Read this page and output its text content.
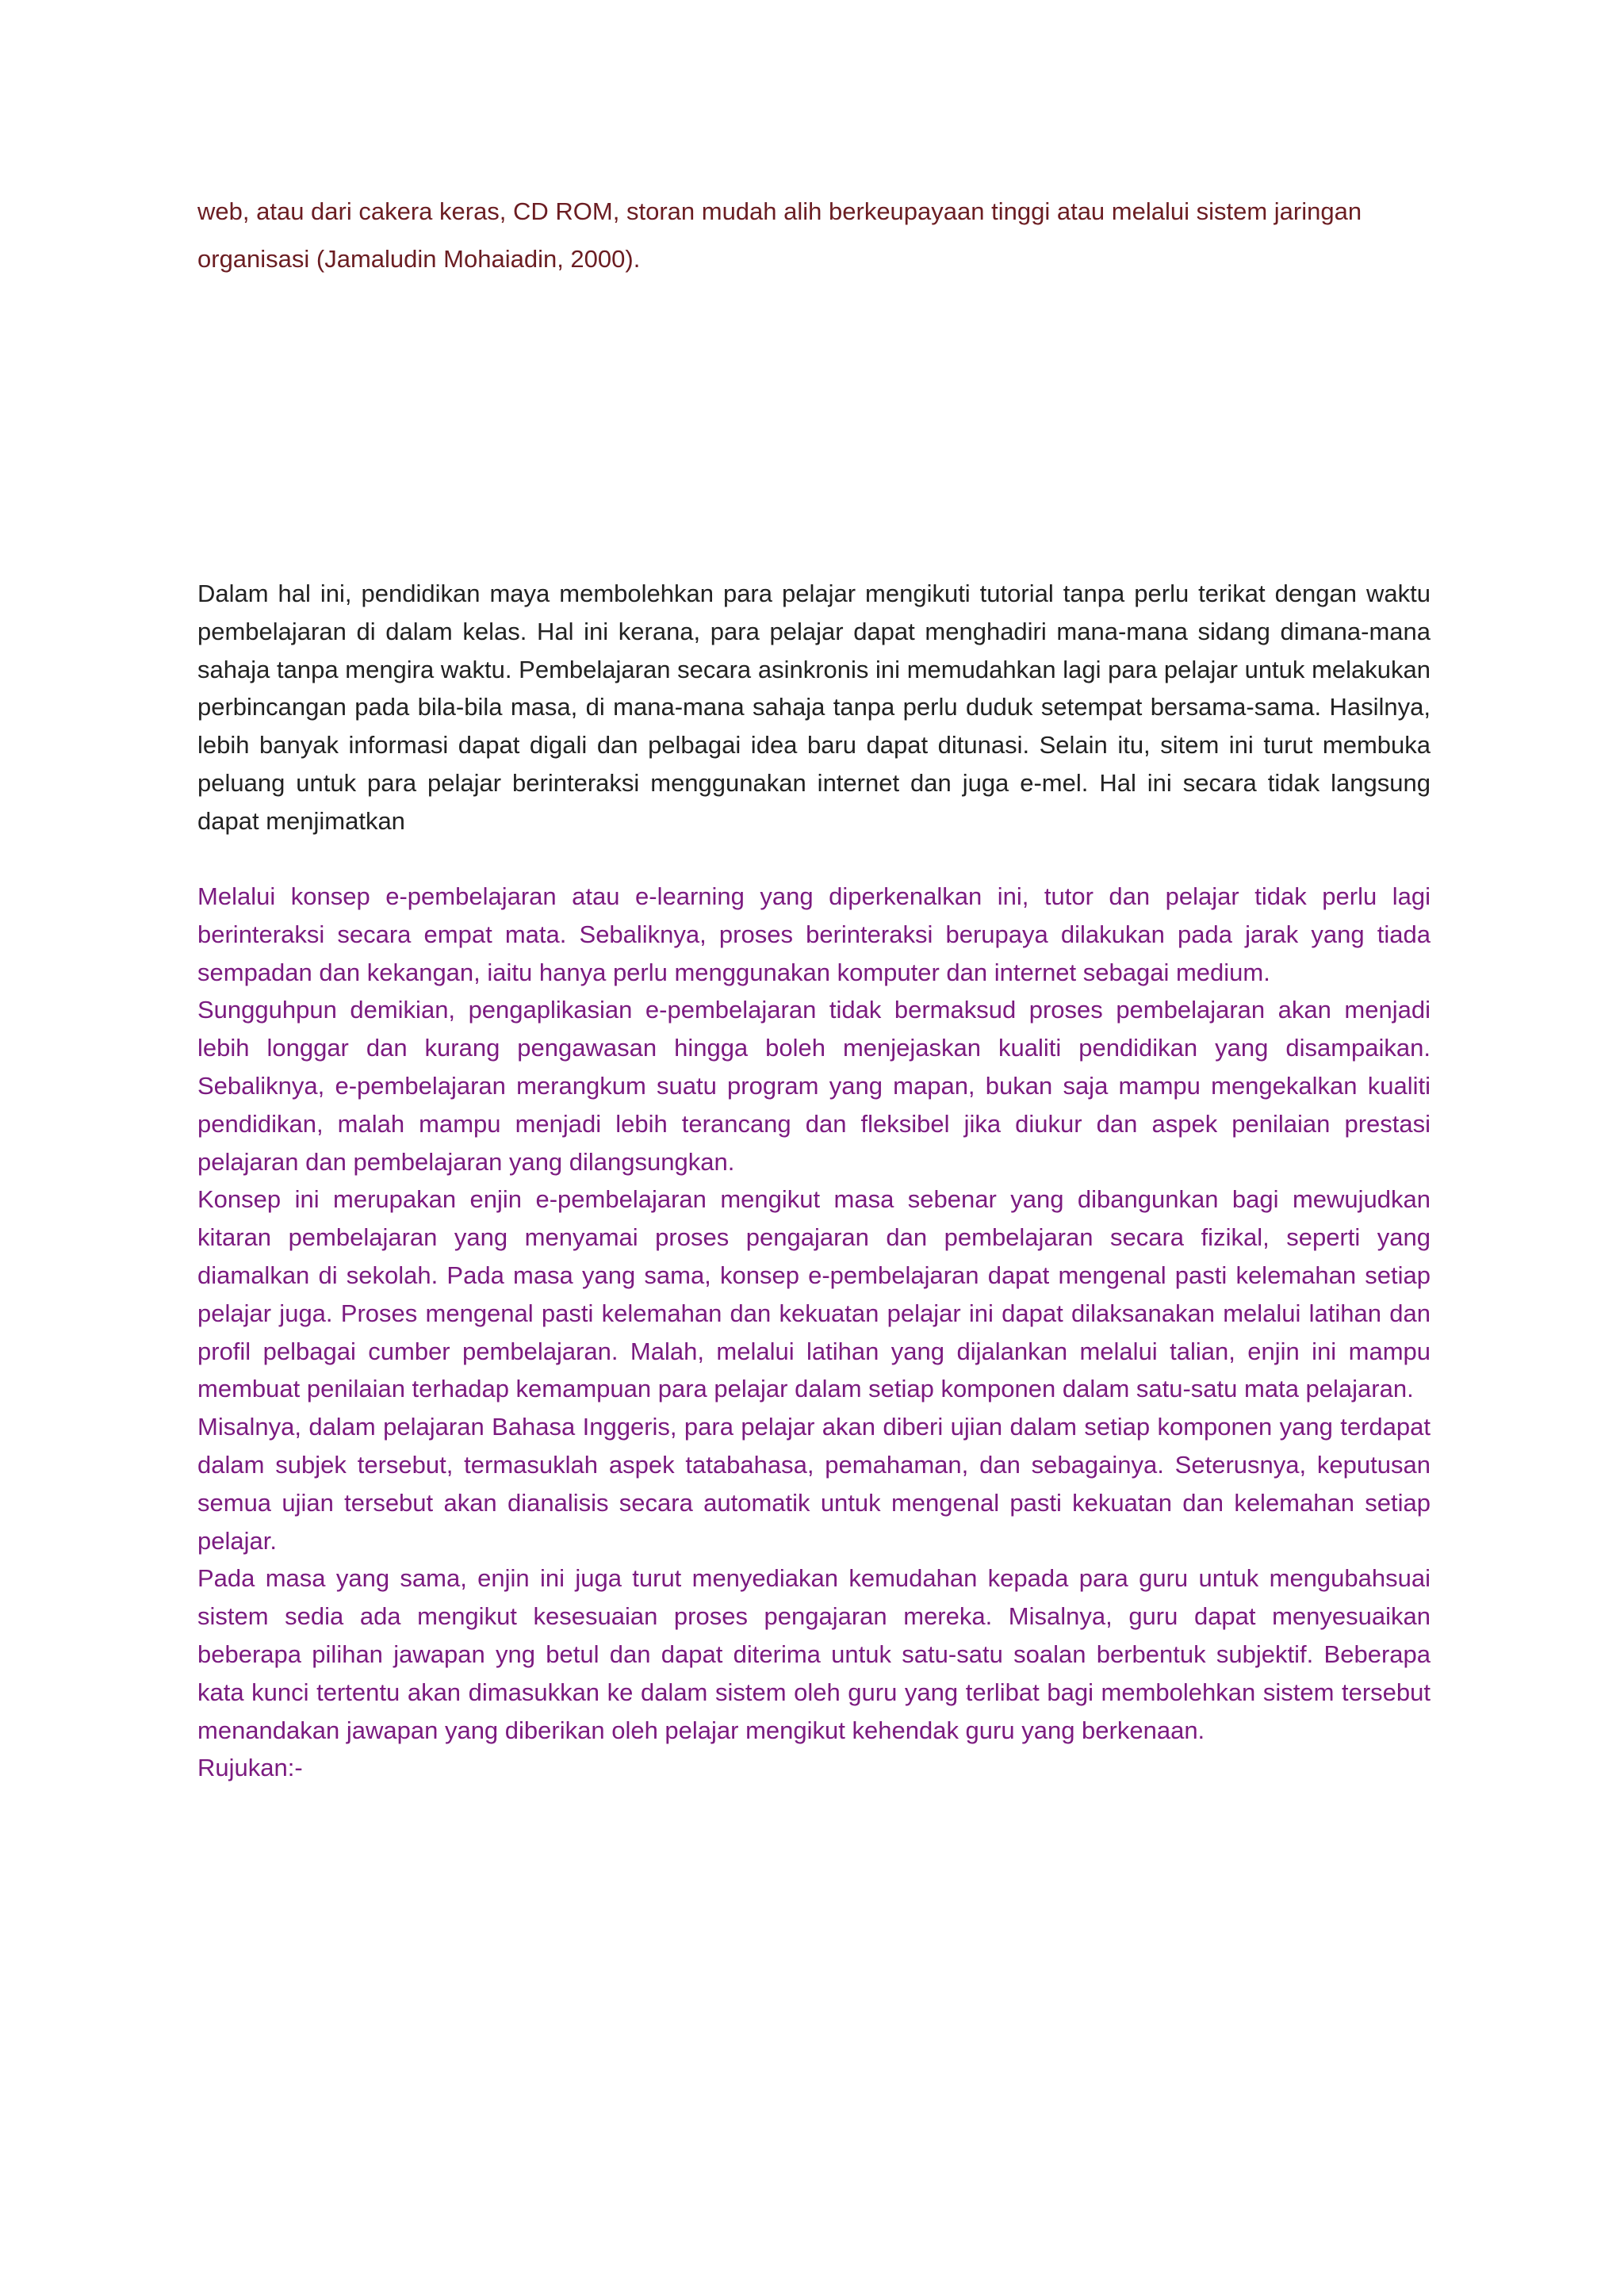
web, atau dari cakera keras, CD ROM, storan mudah alih berkeupayaan tinggi atau melalui sistem jaringan organisasi (Jamaludin Mohaiadin, 2000).

Dalam hal ini, pendidikan maya membolehkan para pelajar mengikuti tutorial tanpa perlu terikat dengan waktu pembelajaran di dalam kelas. Hal ini kerana, para pelajar dapat menghadiri mana-mana sidang dimana-mana sahaja tanpa mengira waktu. Pembelajaran secara asinkronis ini memudahkan lagi para pelajar untuk melakukan perbincangan pada bila-bila masa, di mana-mana sahaja tanpa perlu duduk setempat bersama-sama. Hasilnya, lebih banyak informasi dapat digali dan pelbagai idea baru dapat ditunasi. Selain itu, sitem ini turut membuka peluang untuk para pelajar berinteraksi menggunakan internet dan juga e-mel. Hal ini secara tidak langsung dapat menjimatkan

Melalui konsep e-pembelajaran atau e-learning yang diperkenalkan ini, tutor dan pelajar tidak perlu lagi berinteraksi secara empat mata. Sebaliknya, proses berinteraksi berupaya dilakukan pada jarak yang tiada sempadan dan kekangan, iaitu hanya perlu menggunakan komputer dan internet sebagai medium.

Sungguhpun demikian, pengaplikasian e-pembelajaran tidak bermaksud proses pembelajaran akan menjadi lebih longgar dan kurang pengawasan hingga boleh menjejaskan kualiti pendidikan yang disampaikan. Sebaliknya, e-pembelajaran merangkum suatu program yang mapan, bukan saja mampu mengekalkan kualiti pendidikan, malah mampu menjadi lebih terancang dan fleksibel jika diukur dan aspek penilaian prestasi pelajaran dan pembelajaran yang dilangsungkan.

Konsep ini merupakan enjin e-pembelajaran mengikut masa sebenar yang dibangunkan bagi mewujudkan kitaran pembelajaran yang menyamai proses pengajaran dan pembelajaran secara fizikal, seperti yang diamalkan di sekolah. Pada masa yang sama, konsep e-pembelajaran dapat mengenal pasti kelemahan setiap pelajar juga. Proses mengenal pasti kelemahan dan kekuatan pelajar ini dapat dilaksanakan melalui latihan dan profil pelbagai cumber pembelajaran. Malah, melalui latihan yang dijalankan melalui talian, enjin ini mampu membuat penilaian terhadap kemampuan para pelajar dalam setiap komponen dalam satu-satu mata pelajaran.

Misalnya, dalam pelajaran Bahasa Inggeris, para pelajar akan diberi ujian dalam setiap komponen yang terdapat dalam subjek tersebut, termasuklah aspek tatabahasa, pemahaman, dan sebagainya. Seterusnya, keputusan semua ujian tersebut akan dianalisis secara automatik untuk mengenal pasti kekuatan dan kelemahan setiap pelajar.

Pada masa yang sama, enjin ini juga turut menyediakan kemudahan kepada para guru untuk mengubahsuai sistem sedia ada mengikut kesesuaian proses pengajaran mereka. Misalnya, guru dapat menyesuaikan beberapa pilihan jawapan yng betul dan dapat diterima untuk satu-satu soalan berbentuk subjektif. Beberapa kata kunci tertentu akan dimasukkan ke dalam sistem oleh guru yang terlibat bagi membolehkan sistem tersebut menandakan jawapan yang diberikan oleh pelajar mengikut kehendak guru yang berkenaan.

Rujukan:-
